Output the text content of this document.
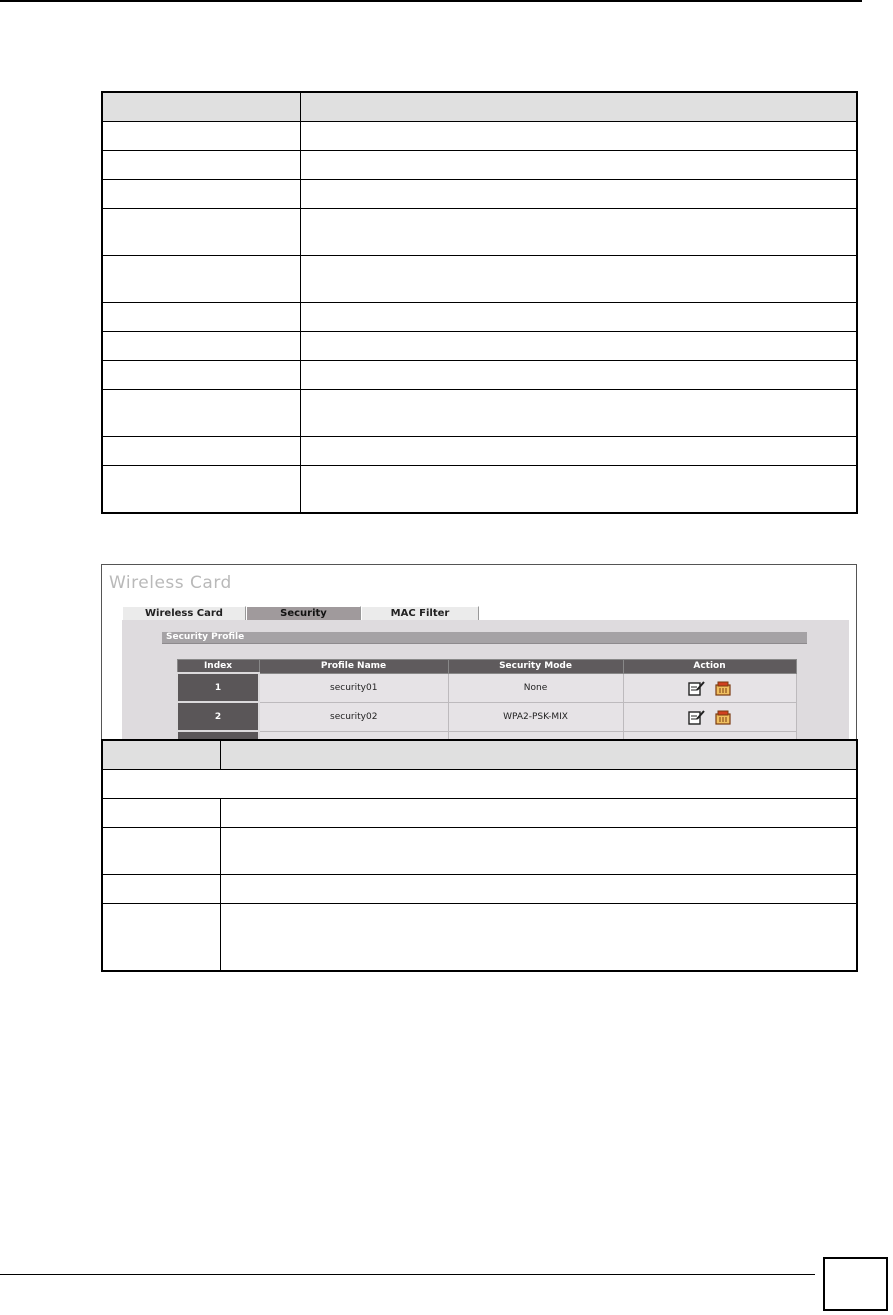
Wireless Card
Wireless Card	Security	MAC Filter
Security Profile
Index	Profile Name	Security Mode	Action
1	security01	None	
2	security02	WPA2-PSK-MIX	
